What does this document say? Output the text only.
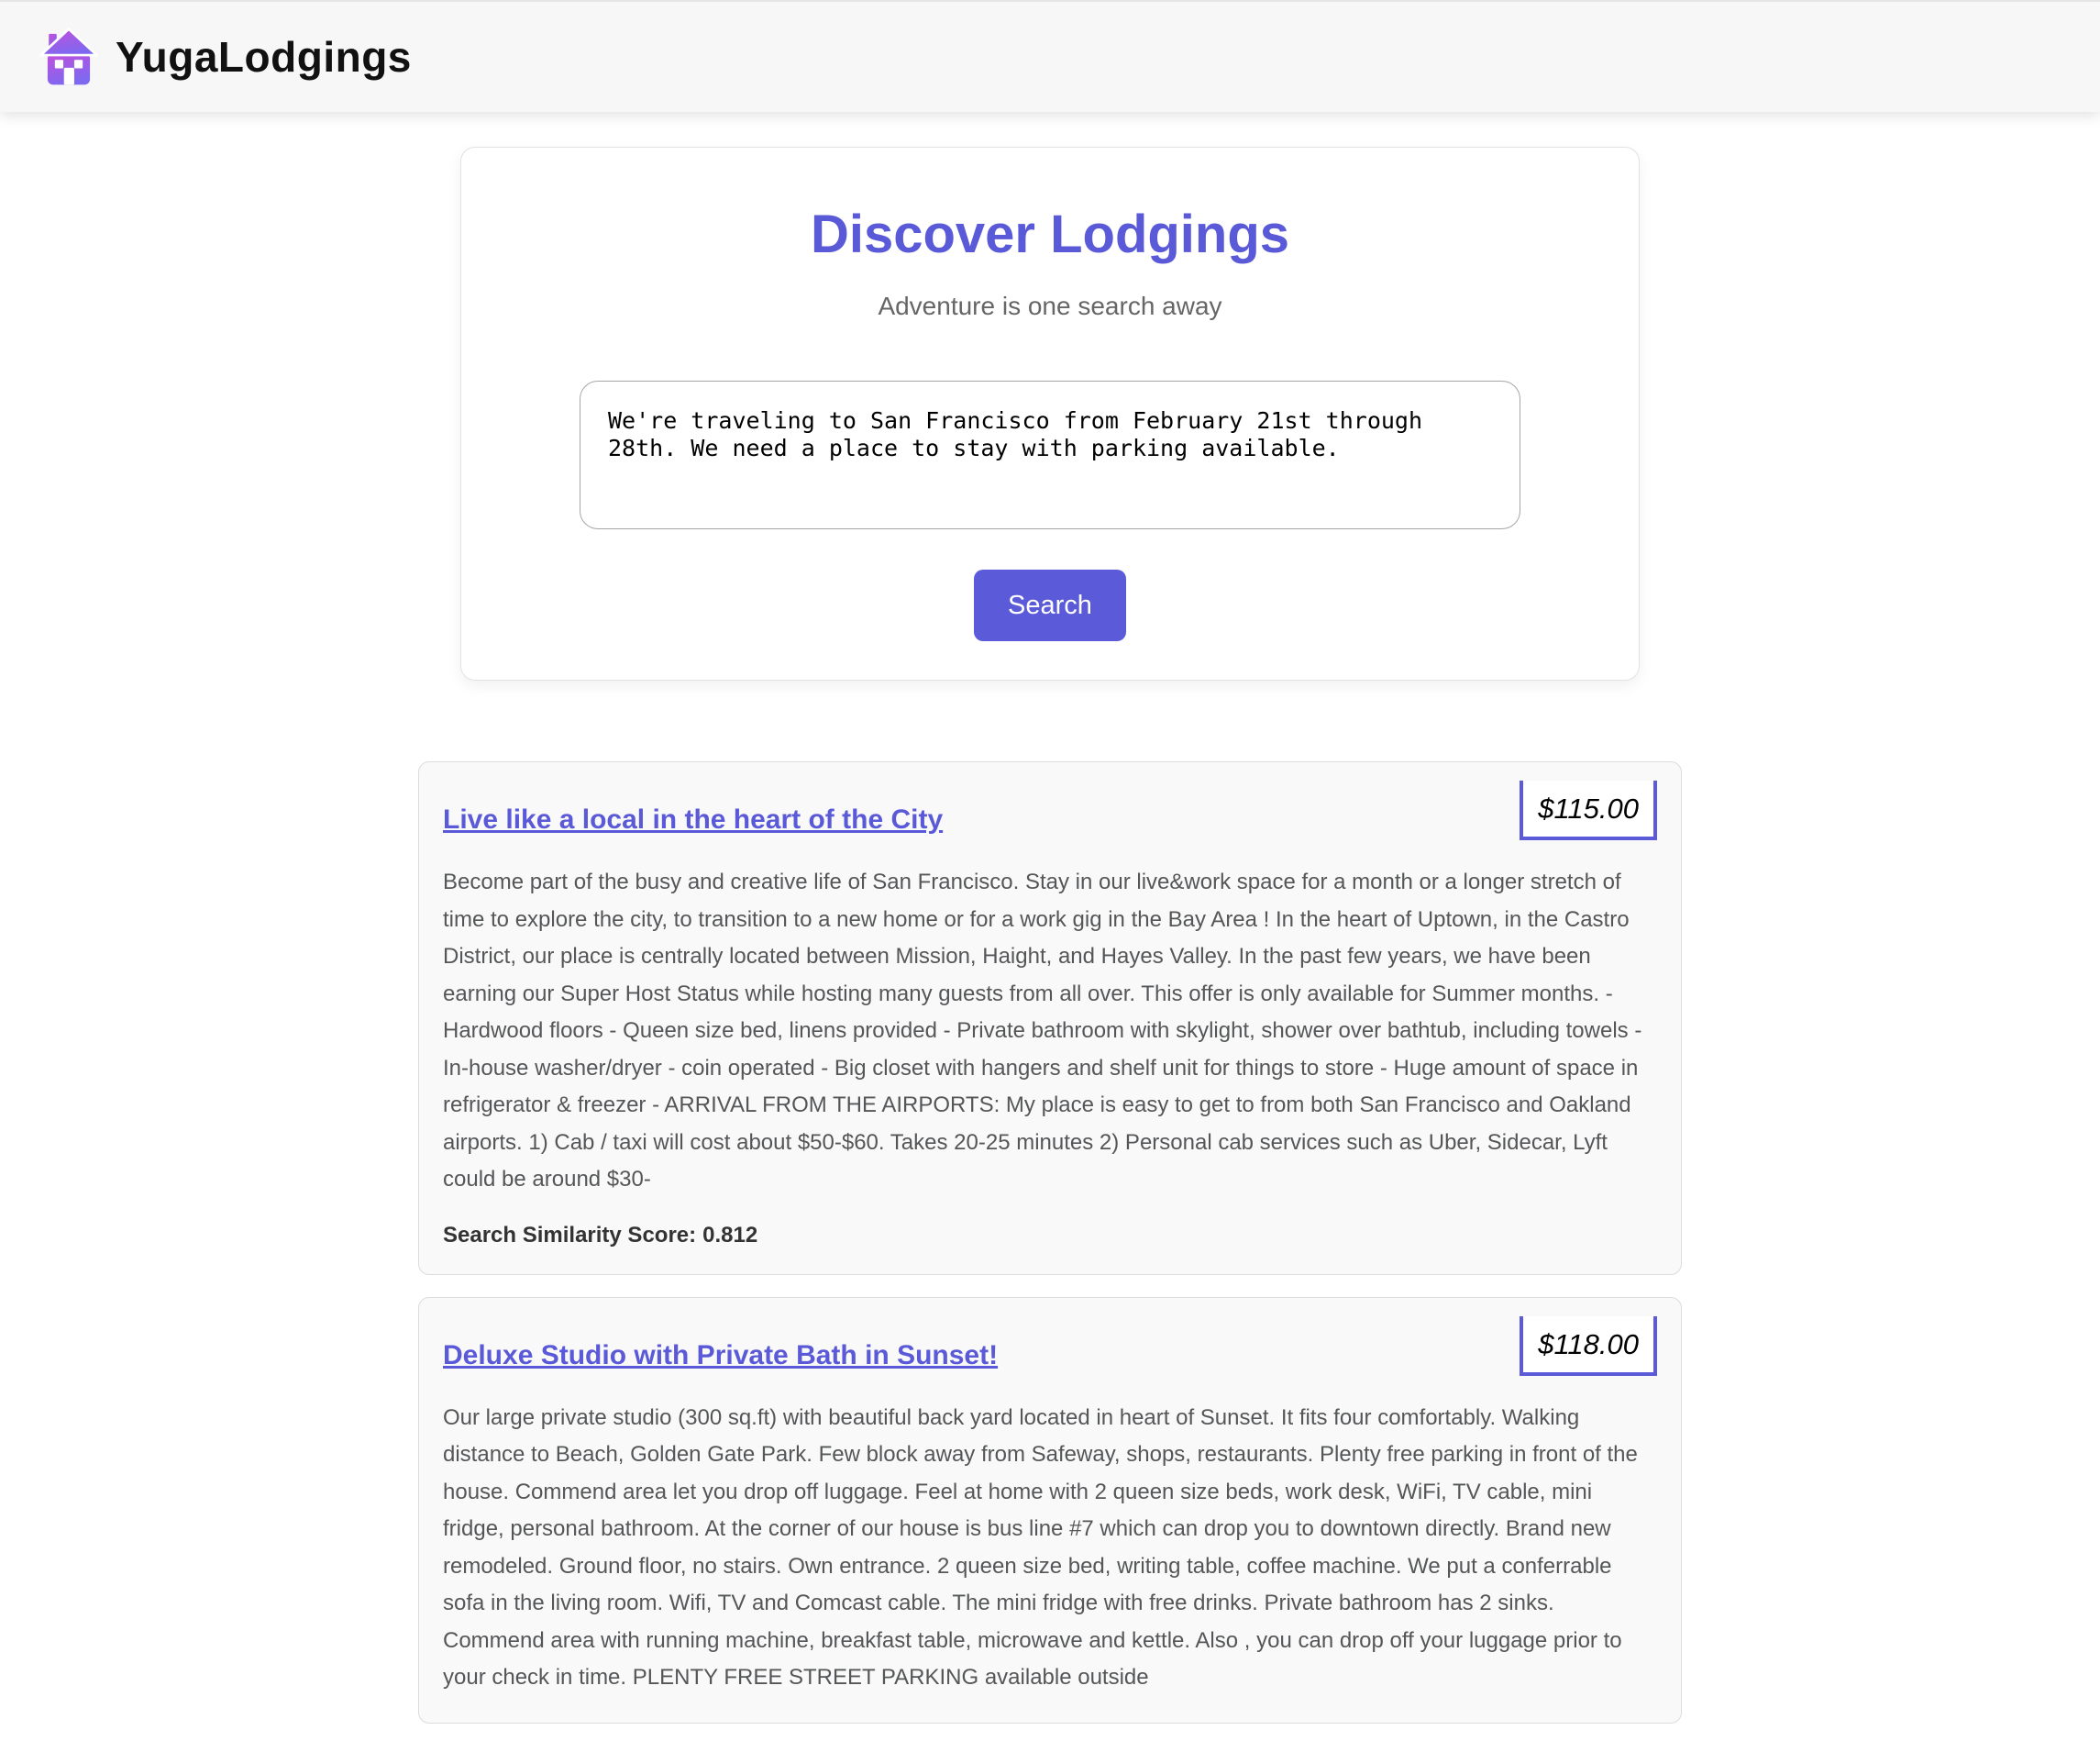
YugaLodgings
Discover Lodgings

Adventure is one search away

We're traveling to San Francisco from February 21st through 28th. We need a place to stay with parking available. Search
Live like a local in the heart of the City	$115.00

Become part of the busy and creative life of San Francisco. Stay in our live&work space for a month or a longer stretch of time to explore the city, to transition to a new home or for a work gig in the Bay Area ! In the heart of Uptown, in the Castro District, our place is centrally located between Mission, Haight, and Hayes Valley. In the past few years, we have been earning our Super Host Status while hosting many guests from all over. This offer is only available for Summer months. - Hardwood floors - Queen size bed, linens provided - Private bathroom with skylight, shower over bathtub, including towels - In-house washer/dryer - coin operated - Big closet with hangers and shelf unit for things to store - Huge amount of space in refrigerator & freezer - ARRIVAL FROM THE AIRPORTS: My place is easy to get to from both San Francisco and Oakland airports. 1) Cab / taxi will cost about $50-$60. Takes 20-25 minutes 2) Personal cab services such as Uber, Sidecar, Lyft could be around $30-

Search Similarity Score: 0.812

Deluxe Studio with Private Bath in Sunset!	$118.00

Our large private studio (300 sq.ft) with beautiful back yard located in heart of Sunset. It fits four comfortably. Walking distance to Beach, Golden Gate Park. Few block away from Safeway, shops, restaurants. Plenty free parking in front of the house. Commend area let you drop off luggage. Feel at home with 2 queen size beds, work desk, WiFi, TV cable, mini fridge, personal bathroom. At the corner of our house is bus line #7 which can drop you to downtown directly. Brand new remodeled. Ground floor, no stairs. Own entrance. 2 queen size bed, writing table, coffee machine. We put a conferrable sofa in the living room. Wifi, TV and Comcast cable. The mini fridge with free drinks. Private bathroom has 2 sinks. Commend area with running machine, breakfast table, microwave and kettle. Also , you can drop off your luggage prior to your check in time. PLENTY FREE STREET PARKING available outside
